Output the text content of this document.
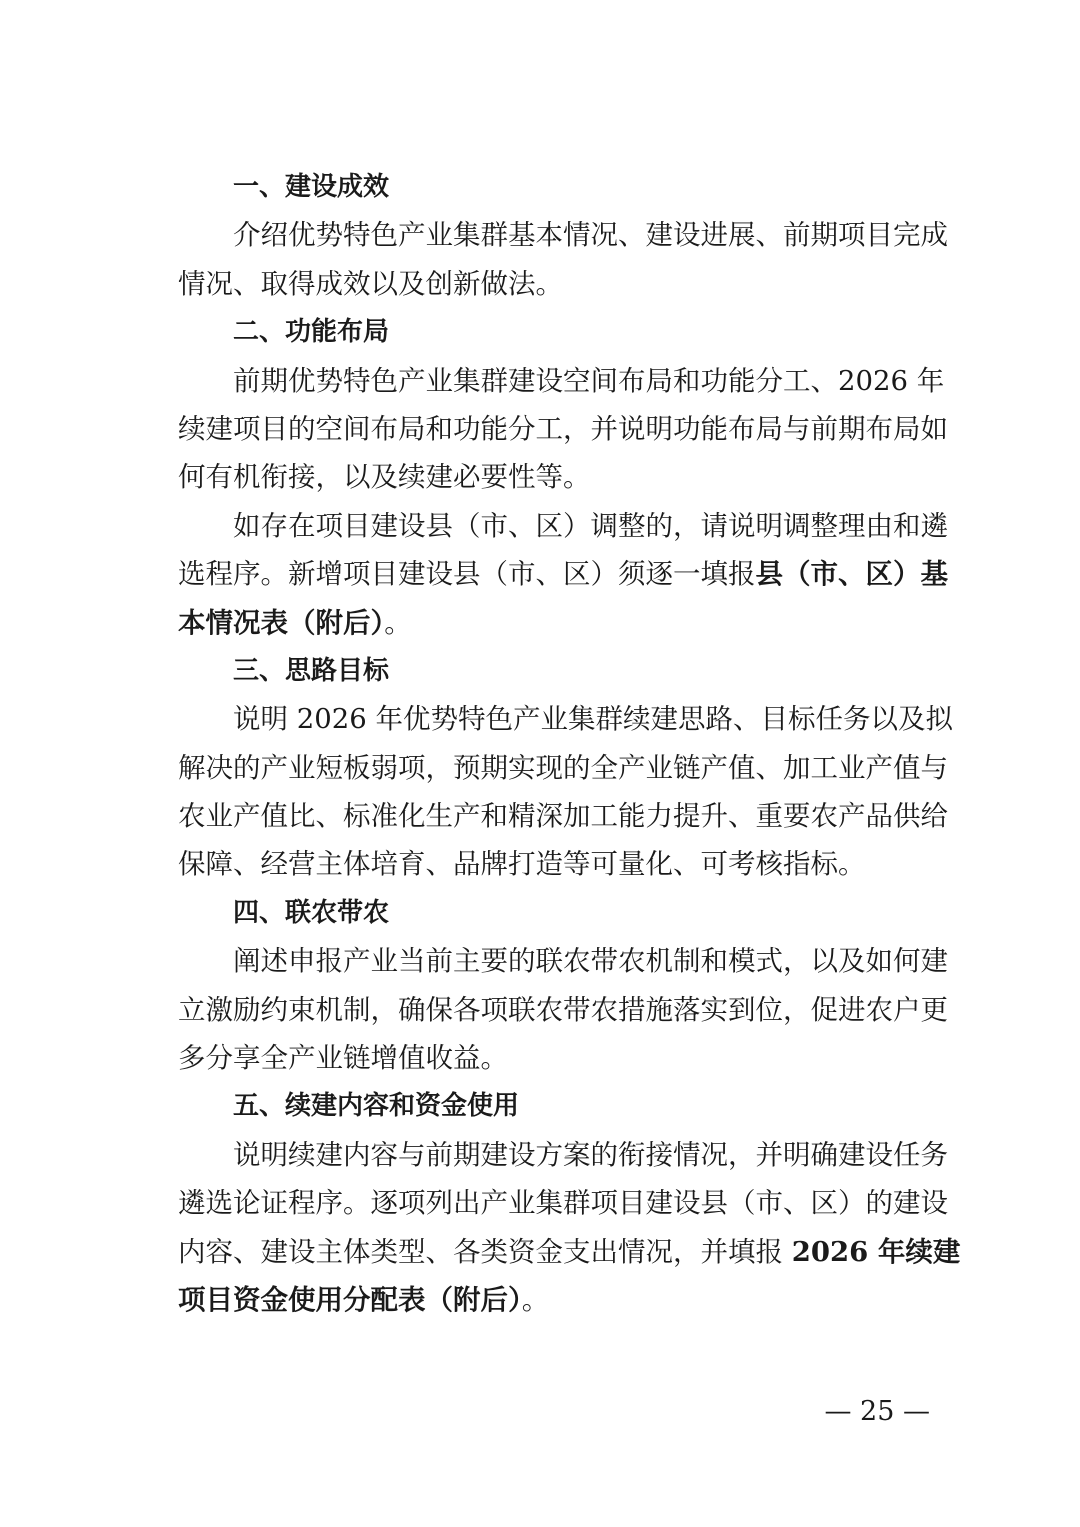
一、建设成效
介绍优势特色产业集群基本情况、建设进展、前期项目完成
情况、取得成效以及创新做法。
二、功能布局
前期优势特色产业集群建设空间布局和功能分工、2026 年
续建项目的空间布局和功能分工，并说明功能布局与前期布局如
何有机衔接，以及续建必要性等。
如存在项目建设县（市、区）调整的，请说明调整理由和遴
选程序。新增项目建设县（市、区）须逐一填报县（市、区）基
本情况表（附后）。
三、思路目标
说明 2026 年优势特色产业集群续建思路、目标任务以及拟
解决的产业短板弱项，预期实现的全产业链产值、加工业产值与
农业产值比、标准化生产和精深加工能力提升、重要农产品供给
保障、经营主体培育、品牌打造等可量化、可考核指标。
四、联农带农
阐述申报产业当前主要的联农带农机制和模式，以及如何建
立激励约束机制，确保各项联农带农措施落实到位，促进农户更
多分享全产业链增值收益。
五、续建内容和资金使用
说明续建内容与前期建设方案的衔接情况，并明确建设任务
遴选论证程序。逐项列出产业集群项目建设县（市、区）的建设
内容、建设主体类型、各类资金支出情况，并填报 2026 年续建
项目资金使用分配表（附后）。
— 25 —
